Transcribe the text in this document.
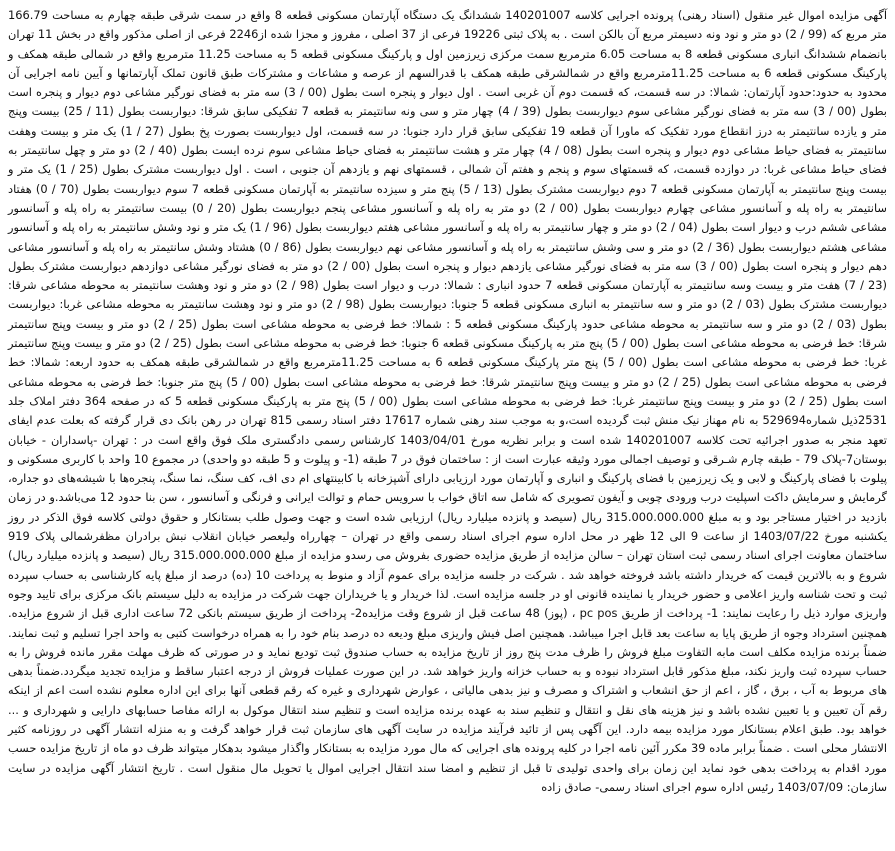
آگهی مزایده اموال غیر منقول (اسناد رهنی) پرونده اجرایی کلاسه 140201007 ششدانگ یک دستگاه آپارتمان مسکونی قطعه 8 واقع در سمت شرقی طبقه چهارم به مساحت 166.79 متر مربع که (99 / 2) دو متر و نود ونه دسیمتر مربع آن بالکن است . به پلاک ثبتی 19226 فرعی از 37 اصلی ، مفروز و مجزا شده از2246 فرعی از اصلی مذکور واقع در بخش 11 تهران بانضمام ششدانگ انباری مسکونی قطعه 8 به مساحت 6.05 مترمربع سمت مرکزی زیرزمین اول و پارکینگ مسکونی قطعه 5 به مساحت 11.25 مترمربع واقع در شمالی طبقه همکف و پارکینگ مسکونی قطعه 6 به مساحت 11.25مترمربع واقع در شمالشرقی طبقه همکف با قدرالسهم از عرصه و مشاعات و مشترکات طبق قانون تملک آپارتمانها و آیین نامه اجرایی آن محدود به حدود:حدود آپارتمان: شمالا: در سه قسمت، که قسمت دوم آن غربی است . اول دیوار و پنجره است بطول (00 / 3) سه متر به فضای نورگیر مشاعی دوم دیوار و پنجره است بطول (00 / 3) سه متر به فضای نورگیر مشاعی سوم دیواربست بطول (39 / 4) چهار متر و سی ونه سانتیمتر به قطعه 7 تفکیکی سابق شرقا: دیواربست بطول (11 / 25) بیست وپنج متر و یازده سانتیمتر به درز انقطاع مورد تفکیک که ماورا آن قطعه 19 تفکیکی سابق قرار دارد جنوبا: در سه قسمت، اول دیواربست بصورت پخ بطول (27 / 1) یک متر و بیست وهفت سانتیمتر به فضای حیاط مشاعی دوم دیوار و پنجره است بطول (08 / 4) چهار متر و هشت سانتیمتر به فضای حیاط مشاعی سوم نرده ایست بطول (40 / 2) دو متر و چهل سانتیمتر به فضای حیاط مشاعی غربا: در دوازده قسمت، که قسمتهای سوم و پنجم و هفتم آن شمالی ، قسمتهای نهم و یازدهم آن جنوبی ، است . اول دیواربست مشترک بطول (25 / 1) یک متر و بیست وپنج سانتیمتر به آپارتمان مسکونی قطعه 7 دوم دیواربست مشترک بطول (13 / 5) پنج متر و سیزده سانتیمتر به آپارتمان مسکونی قطعه 7 سوم دیواربست بطول (70 / 0) هفتاد سانتیمتر به راه پله و آسانسور مشاعی چهارم دیواربست بطول (00 / 2) دو متر به راه پله و آسانسور مشاعی پنجم دیواربست بطول (20 / 0) بیست سانتیمتر به راه پله و آسانسور مشاعی ششم درب و دیوار است بطول (04 / 2) دو متر و چهار سانتیمتر به راه پله و آسانسور مشاعی هفتم دیواربست بطول (96 / 1) یک متر و نود وشش سانتیمتر به راه پله و آسانسور مشاعی هشتم دیواربست بطول (36 / 2) دو متر و سی وشش سانتیمتر به راه پله و آسانسور مشاعی نهم دیواربست بطول (86 / 0) هشتاد وشش سانتیمتر به راه پله و آسانسور مشاعی دهم دیوار و پنجره است بطول (00 / 3) سه متر به فضای نورگیر مشاعی یازدهم دیوار و پنجره است بطول (00 / 2) دو متر به فضای نورگیر مشاعی دوازدهم دیواربست مشترک بطول (23 / 7) هفت متر و بیست وسه سانتیمتر به آپارتمان مسکونی قطعه 7 حدود انباری : شمالا: درب و دیوار است بطول (98 / 2) دو متر و نود وهشت سانتیمتر به محوطه مشاعی شرقا: دیواربست مشترک بطول (03 / 2) دو متر و سه سانتیمتر به انباری مسکونی قطعه 5 جنوبا: دیواربست بطول (98 / 2) دو متر و نود وهشت سانتیمتر به محوطه مشاعی غربا: دیواربست بطول (03 / 2) دو متر و سه سانتیمتر به محوطه مشاعی حدود پارکینگ مسکونی قطعه 5 : شمالا: خط فرضی به محوطه مشاعی است بطول (25 / 2) دو متر و بیست وپنج سانتیمتر شرقا: خط فرضی به محوطه مشاعی است بطول (00 / 5) پنج متر به پارکینگ مسکونی قطعه 6 جنوبا: خط فرضی به محوطه مشاعی است بطول (25 / 2) دو متر و بیست وپنج سانتیمتر غربا: خط فرضی به محوطه مشاعی است بطول (00 / 5) پنج متر پارکینگ مسکونی قطعه 6 به مساحت 11.25مترمربع واقع در شمالشرقی طبقه همکف به حدود اربعه: شمالا: خط فرضی به محوطه مشاعی است بطول (25 / 2) دو متر و بیست وپنج سانتیمتر شرقا: خط فرضی به محوطه مشاعی است بطول (00 / 5) پنج متر جنوبا: خط فرضی به محوطه مشاعی است بطول (25 / 2) دو متر و بیست وپنج سانتیمتر غربا: خط فرضی به محوطه مشاعی است بطول (00 / 5) پنج متر به پارکینگ مسکونی قطعه 5 که در صفحه 364 دفتر املاک جلد 2531ذیل شماره529694 به نام مهناز نیک منش ثبت گردیده است،و به موجب سند رهنی شماره 17617 دفتر اسناد رسمی 815 تهران در رهن بانک دی قرار گرفته که بعلت عدم ایفای تعهد منجر به صدور اجرائیه تحت کلاسه 140201007 شده است و برابر نظریه مورخ 1403/04/01 کارشناس رسمی دادگستری ملک فوق واقع است در : تهران -پاسداران - خیابان بوستان7-پلاک 79 - طبقه چارم شـرقی و توصیف اجمالی مورد وثیقه عبارت است از : ساختمان فوق در 7 طبقه (1- و پیلوت و 5 طبقه دو واحدی) در مجموع 10 واحد با کاربری مسکونی و پیلوت با فضای پارکینگ و لابی و یک زیرزمین با فضای پارکینگ و انباری و آپارتمان مورد ارزیابی دارای آشپزخانه با کابینتهای ام دی اف، کف سنگ، نما سنگ، پنجره‌ها با شیشه‌های دو جداره، گرمایش و سرمایش داکت اسپلیت درب ورودی چوبی و آیفون تصویری که شامل سه اتاق خواب با سرویس حمام و توالت ایرانی و فرنگی و آسانسور ، سن بنا حدود 12 می‌باشد.و در زمان بازدید در اختیار مستاجر بود و به مبلغ 315.000.000.000 ریال (سیصد و پانزده میلیارد ریال) ارزیابی شده است و جهت وصول طلب بستانکار و حقوق دولتی کلاسه فوق الذکر در روز یکشنبه مورخ 1403/07/22 از ساعت 9 الی 12 ظهر در محل اداره سوم اجرای اسناد رسمی واقع در تهران – چهارراه ولیعصر خیابان انقلاب نبش برادران مظفرشمالی پلاک 919 ساختمان معاونت اجرای اسناد رسمی ثبت استان تهران – سالن مزایده از طریق مزایده حضوری بفروش می رسدو مزایده از مبلغ 315.000.000.000 ریال (سیصد و پانزده میلیارد ریال) شروع و به بالاترین قیمت که خریدار داشته باشد فروخته خواهد شد . شرکت در جلسه مزایده برای عموم آزاد و منوط به پرداخت 10 (ده) درصد از مبلغ پایه کارشناسی به حساب سپرده ثبت و تحت شناسه واریز اعلامی و حضور خریدار یا نماینده قانونی او در جلسه مزایده است. لذا خریدار و یا خریداران جهت شرکت در مزایده به دلیل سیستم بانک مرکزی برای تایید وجوه واریزی موارد ذیل را رعایت نمایند: 1- پرداخت از طریق pc pos ، (پوز) 48 ساعت قبل از شروع وقت مزایده2- پرداخت از طریق سیستم بانکی 72 ساعت اداری قبل از شروع مزایده. همچنین استرداد وجوه از طریق پایا به ساعت بعد قابل اجرا میباشد. همچنین اصل فیش واریزی مبلغ ودیعه ده درصد بنام خود را به همراه درخواست کتبی به واحد اجرا تسلیم و ثبت نمایند. ضمناً برنده مزایده مکلف است مابه التفاوت مبلغ فروش را ظرف مدت پنج روز از تاریخ مزایده به حساب صندوق ثبت تودیع نماید و در صورتی که ظرف مهلت مقرر مانده فروش را به حساب سپرده ثبت واریز نکند، مبلغ مذکور قابل استرداد نبوده و به حساب خزانه واریز خواهد شد. در این صورت عملیات فروش از درجه اعتبار ساقط و مزایده تجدید میگردد.ضمناً بدهی های مربوط به آب ، برق ، گاز ، اعم از حق انشعاب و اشتراک و مصرف و نیز بدهی مالیاتی ، عوارض شهرداری و غیره که رقم قطعی آنها برای این اداره معلوم نشده است اعم از اینکه رقم آن تعیین و یا تعیین نشده باشد و نیز هزینه های نقل و انتقال و تنظیم سند به عهده برنده مزایده است و تنظیم سند انتقال موکول به ارائه مفاصا حسابهای دارایی و شهرداری و ... خواهد بود. طبق اعلام بستانکار مورد مزایده بیمه دارد. این آگهی پس از تائید فرآیند مزایده در سایت آگهی های سازمان ثبت قرار خواهد گرفت و به منزله انتشار آگهی در روزنامه کثیر الانتشار محلی است . ضمناً برابر ماده 39 مکرر آئین نامه اجرا در کلیه پرونده های اجرایی که مال مورد مزایده به بستانکار واگذار میشود بدهکار میتواند ظرف دو ماه از تاریخ مزایده حسب مورد اقدام به پرداخت بدهی خود نماید این زمان برای واحدی تولیدی تا قبل از تنظیم و امضا سند انتقال اجرایی اموال یا تحویل مال منقول است . تاریخ انتشار آگهی مزایده در سایت سازمان: 1403/07/09 رئیس اداره سوم اجرای اسناد رسمی- صادق زاده
